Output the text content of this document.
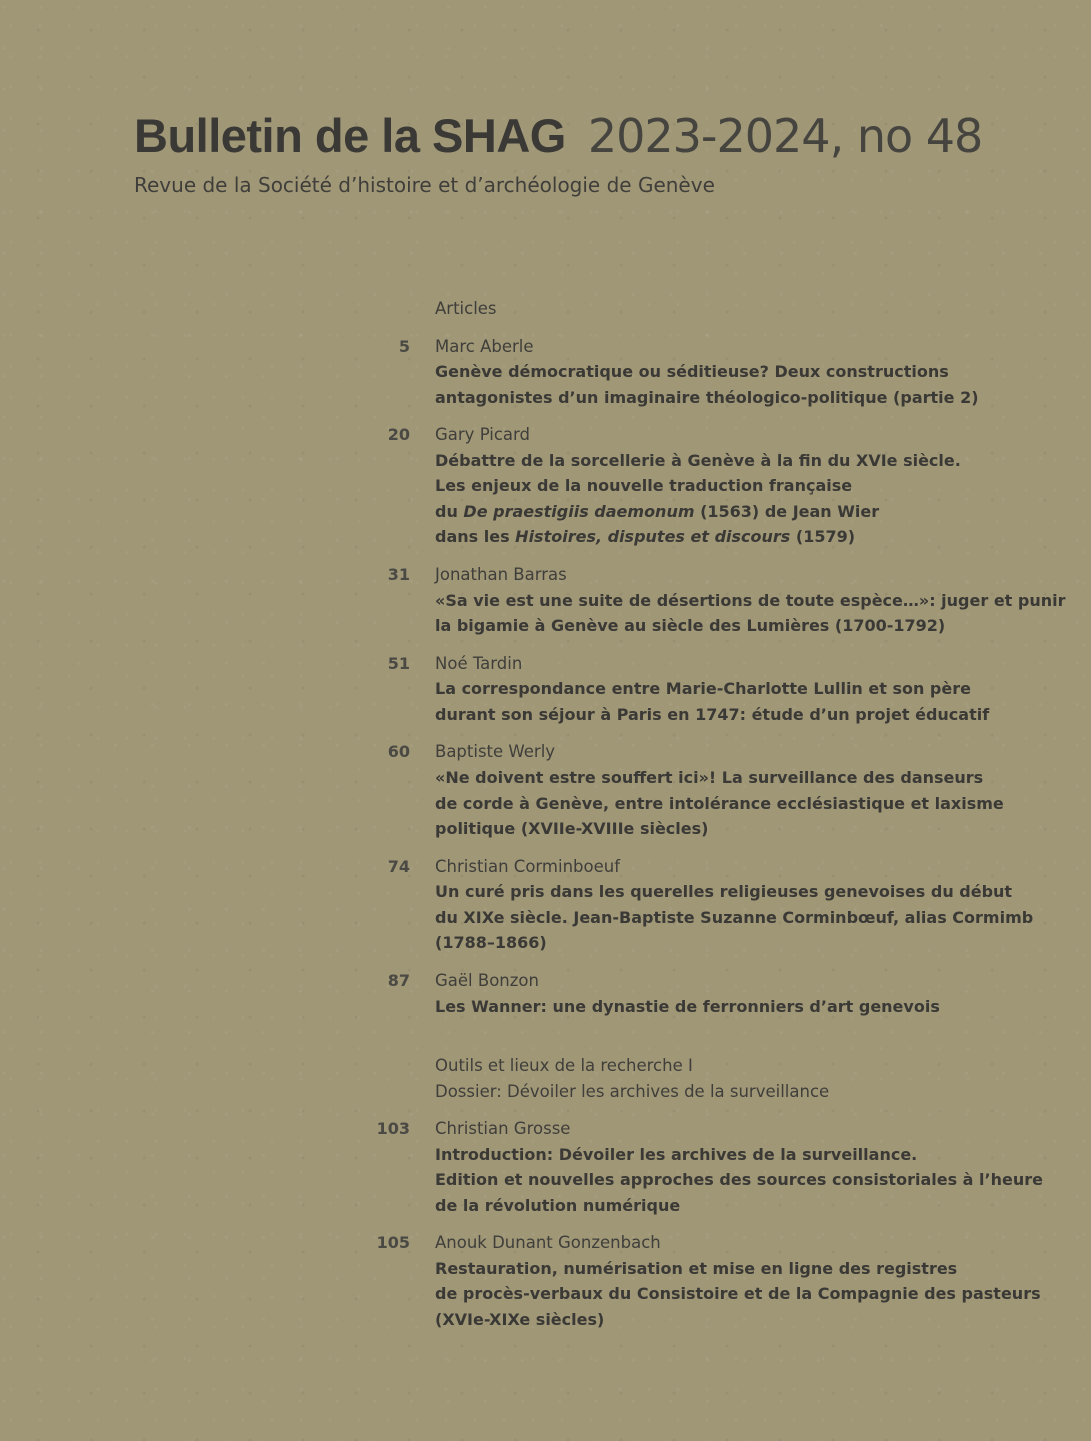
Bulletin de la SHAG 2023-2024, no 48
Revue de la Société d’histoire et d’archéologie de Genève
Articles
5 Marc Aberle
Genève démocratique ou séditieuse? Deux constructions
antagonistes d’un imaginaire théologico-politique (partie 2)
20 Gary Picard
Débattre de la sorcellerie à Genève à la fin du XVIe siècle.
Les enjeux de la nouvelle traduction française
du De praestigiis daemonum (1563) de Jean Wier
dans les Histoires, disputes et discours (1579)
31 Jonathan Barras
«Sa vie est une suite de désertions de toute espèce…»: juger et punir
la bigamie à Genève au siècle des Lumières (1700-1792)
51 Noé Tardin
La correspondance entre Marie-Charlotte Lullin et son père
durant son séjour à Paris en 1747: étude d’un projet éducatif
60 Baptiste Werly
«Ne doivent estre souffert ici»! La surveillance des danseurs
de corde à Genève, entre intolérance ecclésiastique et laxisme
politique (XVIIe-XVIIIe siècles)
74 Christian Corminboeuf
Un curé pris dans les querelles religieuses genevoises du début
du XIXe siècle. Jean-Baptiste Suzanne Corminbœuf, alias Cormimb
(1788–1866)
87 Gaël Bonzon
Les Wanner: une dynastie de ferronniers d’art genevois
Outils et lieux de la recherche I
Dossier: Dévoiler les archives de la surveillance
103 Christian Grosse
Introduction: Dévoiler les archives de la surveillance.
Edition et nouvelles approches des sources consistoriales à l’heure
de la révolution numérique
105 Anouk Dunant Gonzenbach
Restauration, numérisation et mise en ligne des registres
de procès-verbaux du Consistoire et de la Compagnie des pasteurs
(XVIe-XIXe siècles)
